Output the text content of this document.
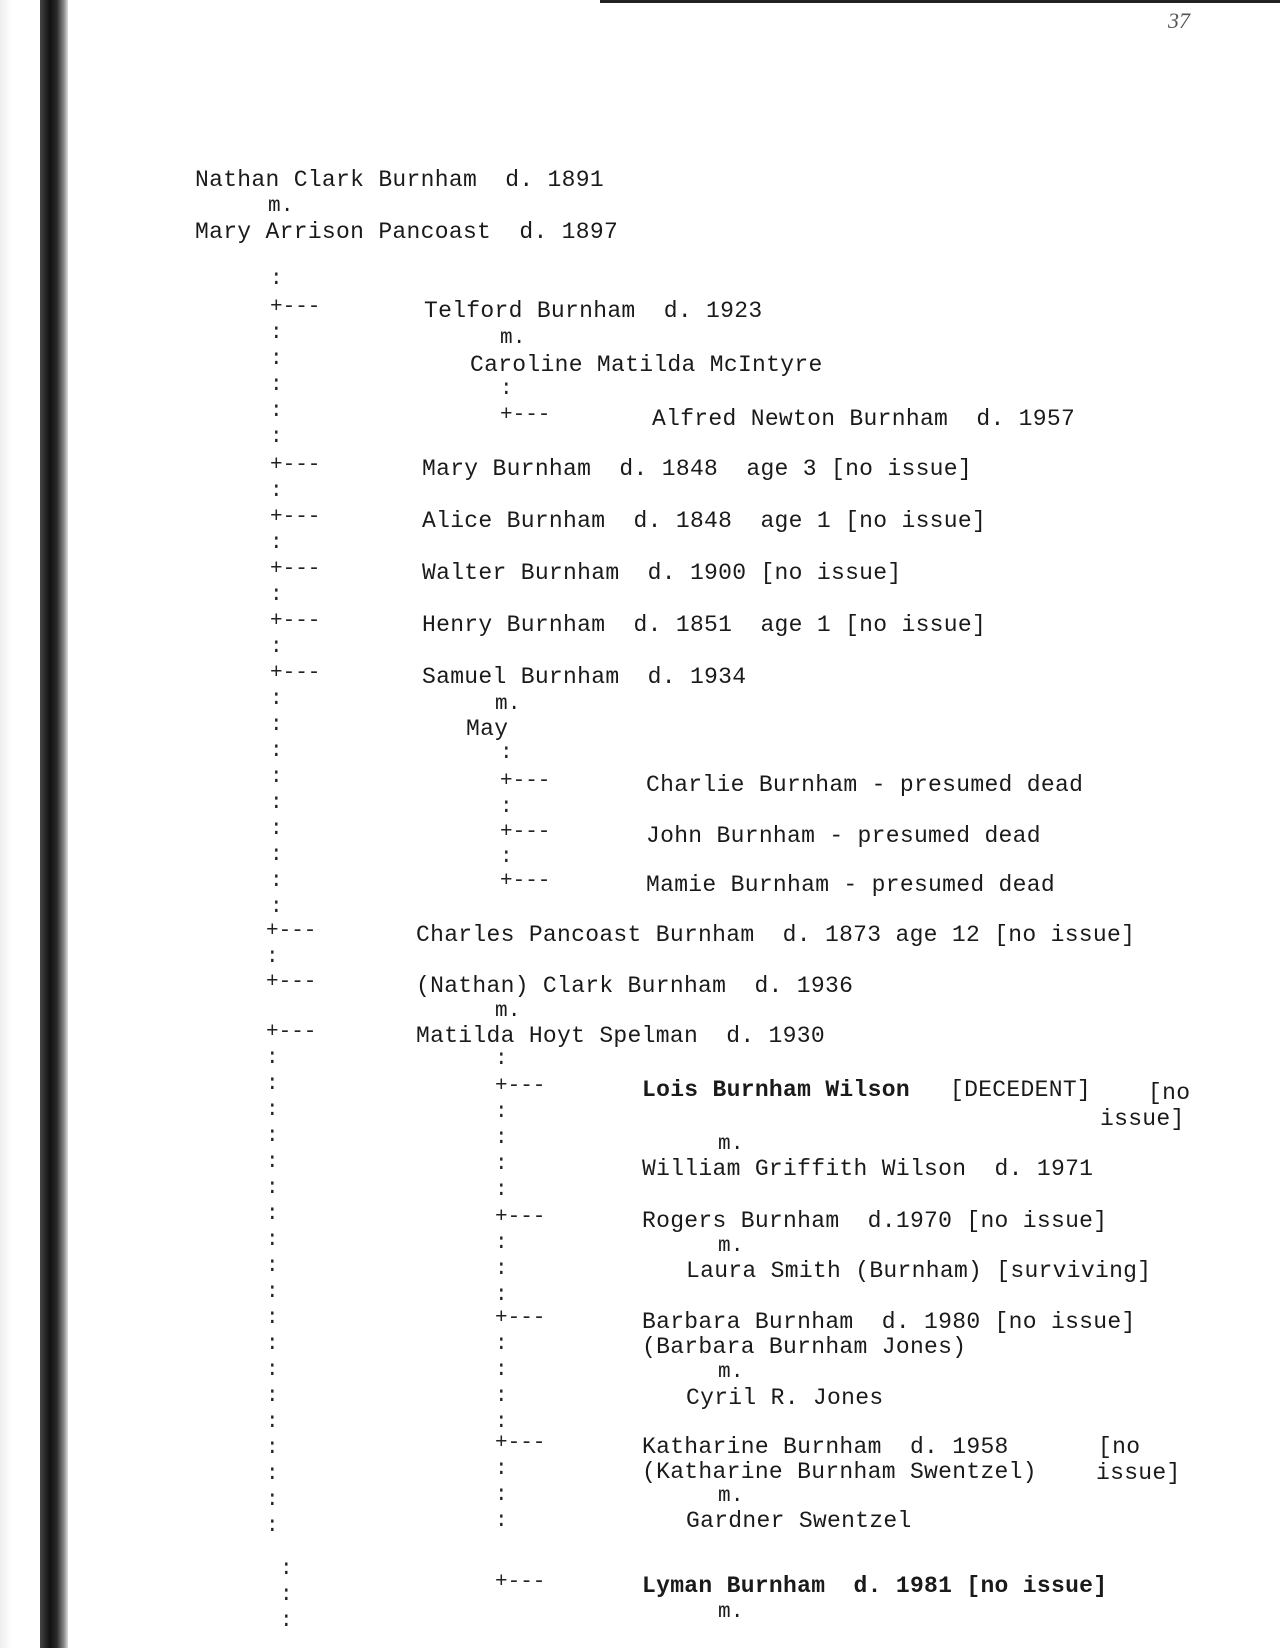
37
:
+---
:
:
:
:
:
+---
:
+---
:
+---
:
+---
:
+---
:
:
:
:
:
:
:
:
:
+---
:
+---
+---
:
:
:
:
:
:
:
:
:
:
:
:
:
:
:
:
:
:
:
:
:
:
:
+---
:
+---
:
+---
:
+---
:
+---
:
:
:
:
+---
:
:
:
+---
:
:
:
:
+---
:
:
:
+---
Nathan Clark Burnham  d. 1891
m.
Mary Arrison Pancoast  d. 1897
Telford Burnham  d. 1923
m.
Caroline Matilda McIntyre
Alfred Newton Burnham  d. 1957
Mary Burnham  d. 1848  age 3 [no issue]
Alice Burnham  d. 1848  age 1 [no issue]
Walter Burnham  d. 1900 [no issue]
Henry Burnham  d. 1851  age 1 [no issue]
Samuel Burnham  d. 1934
m.
May
Charlie Burnham - presumed dead
John Burnham - presumed dead
Mamie Burnham - presumed dead
Charles Pancoast Burnham  d. 1873 age 12 [no issue]
(Nathan) Clark Burnham  d. 1936
m.
Matilda Hoyt Spelman  d. 1930
Lois Burnham Wilson [DECEDENT] [no
issue]
m.
William Griffith Wilson  d. 1971
Rogers Burnham  d.1970 [no issue]
m.
Laura Smith (Burnham) [surviving]
Barbara Burnham  d. 1980 [no issue]
(Barbara Burnham Jones)
m.
Cyril R. Jones
Katharine Burnham  d. 1958	[no
(Katharine Burnham Swentzel)	issue]
m.
Gardner Swentzel
Lyman Burnham  d. 1981 [no issue]
m.
